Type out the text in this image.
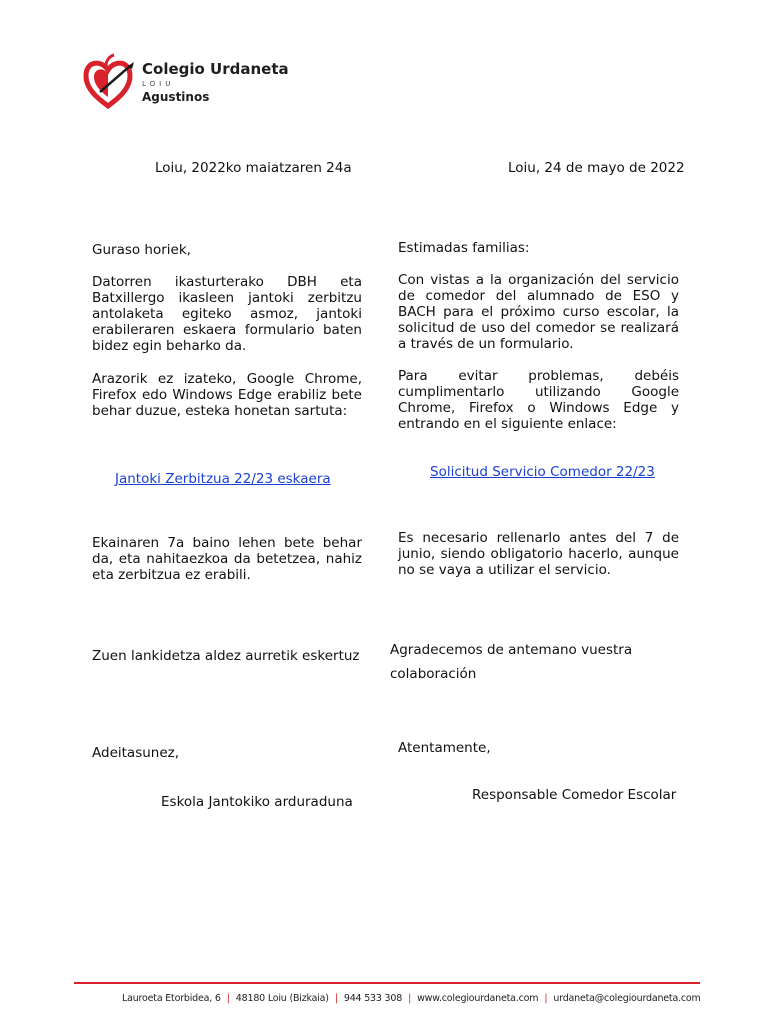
Colegio Urdaneta
LOIU
Agustinos
Loiu, 2022ko maiatzaren 24a	Loiu, 24 de mayo de 2022
Guraso horiek,
Datorren ikasturterako DBH eta Batxillergo ikasleen jantoki zerbitzu antolaketa egiteko asmoz, jantoki erabileraren eskaera formulario baten bidez egin beharko da.
Arazorik ez izateko, Google Chrome, Firefox edo Windows Edge erabiliz bete behar duzue, esteka honetan sartuta:
Jantoki Zerbitzua 22/23 eskaera
Ekainaren 7a baino lehen bete behar da, eta nahitaezkoa da betetzea, nahiz eta zerbitzua ez erabili.
Zuen lankidetza aldez aurretik eskertuz
Adeitasunez,
Eskola Jantokiko arduraduna
Estimadas familias:
Con vistas a la organización del servicio de comedor del alumnado de ESO y BACH para el próximo curso escolar, la solicitud de uso del comedor se realizará a través de un formulario.
Para evitar problemas, debéis cumplimentarlo utilizando Google Chrome, Firefox o Windows Edge y entrando en el siguiente enlace:
Solicitud Servicio Comedor 22/23
Es necesario rellenarlo antes del 7 de junio, siendo obligatorio hacerlo, aunque no se vaya a utilizar el servicio.
Agradecemos de antemano vuestra
colaboración
Atentamente,
Responsable Comedor Escolar
Lauroeta Etorbidea, 6 | 48180 Loiu (Bizkaia) | 944 533 308 | www.colegiourdaneta.com | urdaneta@colegiourdaneta.com
